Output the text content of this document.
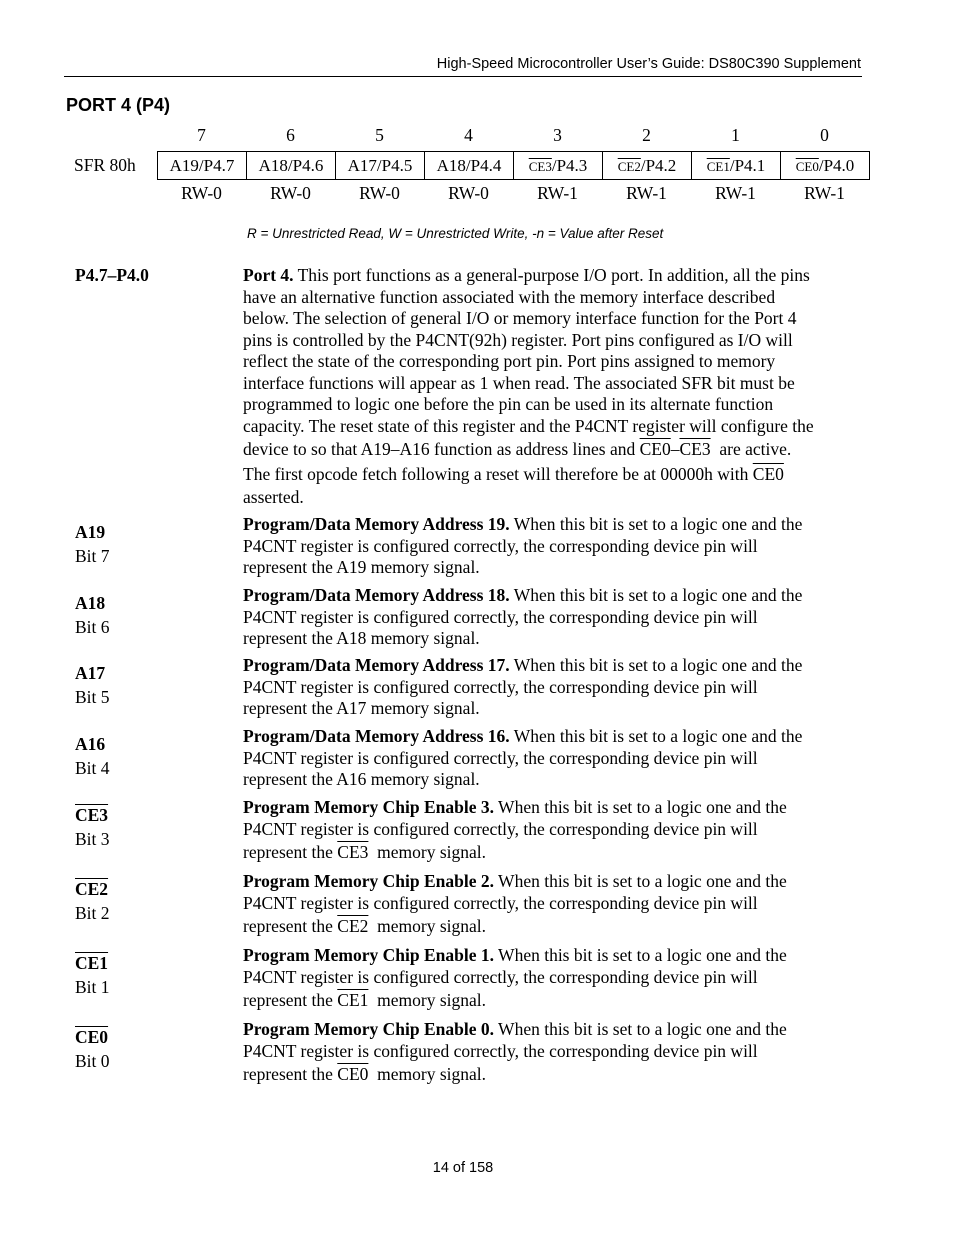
High-Speed Microcontroller User’s Guide: DS80C390 Supplement
PORT 4 (P4)
7	6	5	4	3	2	1	0
SFR 80h A19/P4.7	A18/P4.6	A17/P4.5	A18/P4.4	CE3/P4.3	CE2/P4.2	CE1/P4.1	CE0/P4.0
RW-0	RW-0	RW-0	RW-0	RW-1	RW-1	RW-1	RW-1
R = Unrestricted Read, W = Unrestricted Write, -n = Value after Reset
P4.7–P4.0	Port 4. This port functions as a general-purpose I/O port. In addition, all the pins
have an alternative function associated with the memory interface described
below. The selection of general I/O or memory interface function for the Port 4
pins is controlled by the P4CNT(92h) register. Port pins configured as I/O will
reflect the state of the corresponding port pin. Port pins assigned to memory
interface functions will appear as 1 when read. The associated SFR bit must be
programmed to logic one before the pin can be used in its alternate function
capacity. The reset state of this register and the P4CNT register will configure the
device to so that A19–A16 function as address lines and CE0–CE3 are active.
The first opcode fetch following a reset will therefore be at 00000h with CE0
asserted.
A19
Bit 7
Program/Data Memory Address 19. When this bit is set to a logic one and the
P4CNT register is configured correctly, the corresponding device pin will
represent the A19 memory signal.
A18
Bit 6
Program/Data Memory Address 18. When this bit is set to a logic one and the
P4CNT register is configured correctly, the corresponding device pin will
represent the A18 memory signal.
A17
Bit 5
Program/Data Memory Address 17. When this bit is set to a logic one and the
P4CNT register is configured correctly, the corresponding device pin will
represent the A17 memory signal.
A16
Bit 4
Program/Data Memory Address 16. When this bit is set to a logic one and the
P4CNT register is configured correctly, the corresponding device pin will
represent the A16 memory signal.
CE3
Bit 3
Program Memory Chip Enable 3. When this bit is set to a logic one and the
P4CNT register is configured correctly, the corresponding device pin will
represent the CE3 memory signal.
CE2
Bit 2
Program Memory Chip Enable 2. When this bit is set to a logic one and the
P4CNT register is configured correctly, the corresponding device pin will
represent the CE2 memory signal.
CE1
Bit 1
Program Memory Chip Enable 1. When this bit is set to a logic one and the
P4CNT register is configured correctly, the corresponding device pin will
represent the CE1 memory signal.
CE0
Bit 0
Program Memory Chip Enable 0. When this bit is set to a logic one and the
P4CNT register is configured correctly, the corresponding device pin will
represent the CE0 memory signal.
14 of 158
